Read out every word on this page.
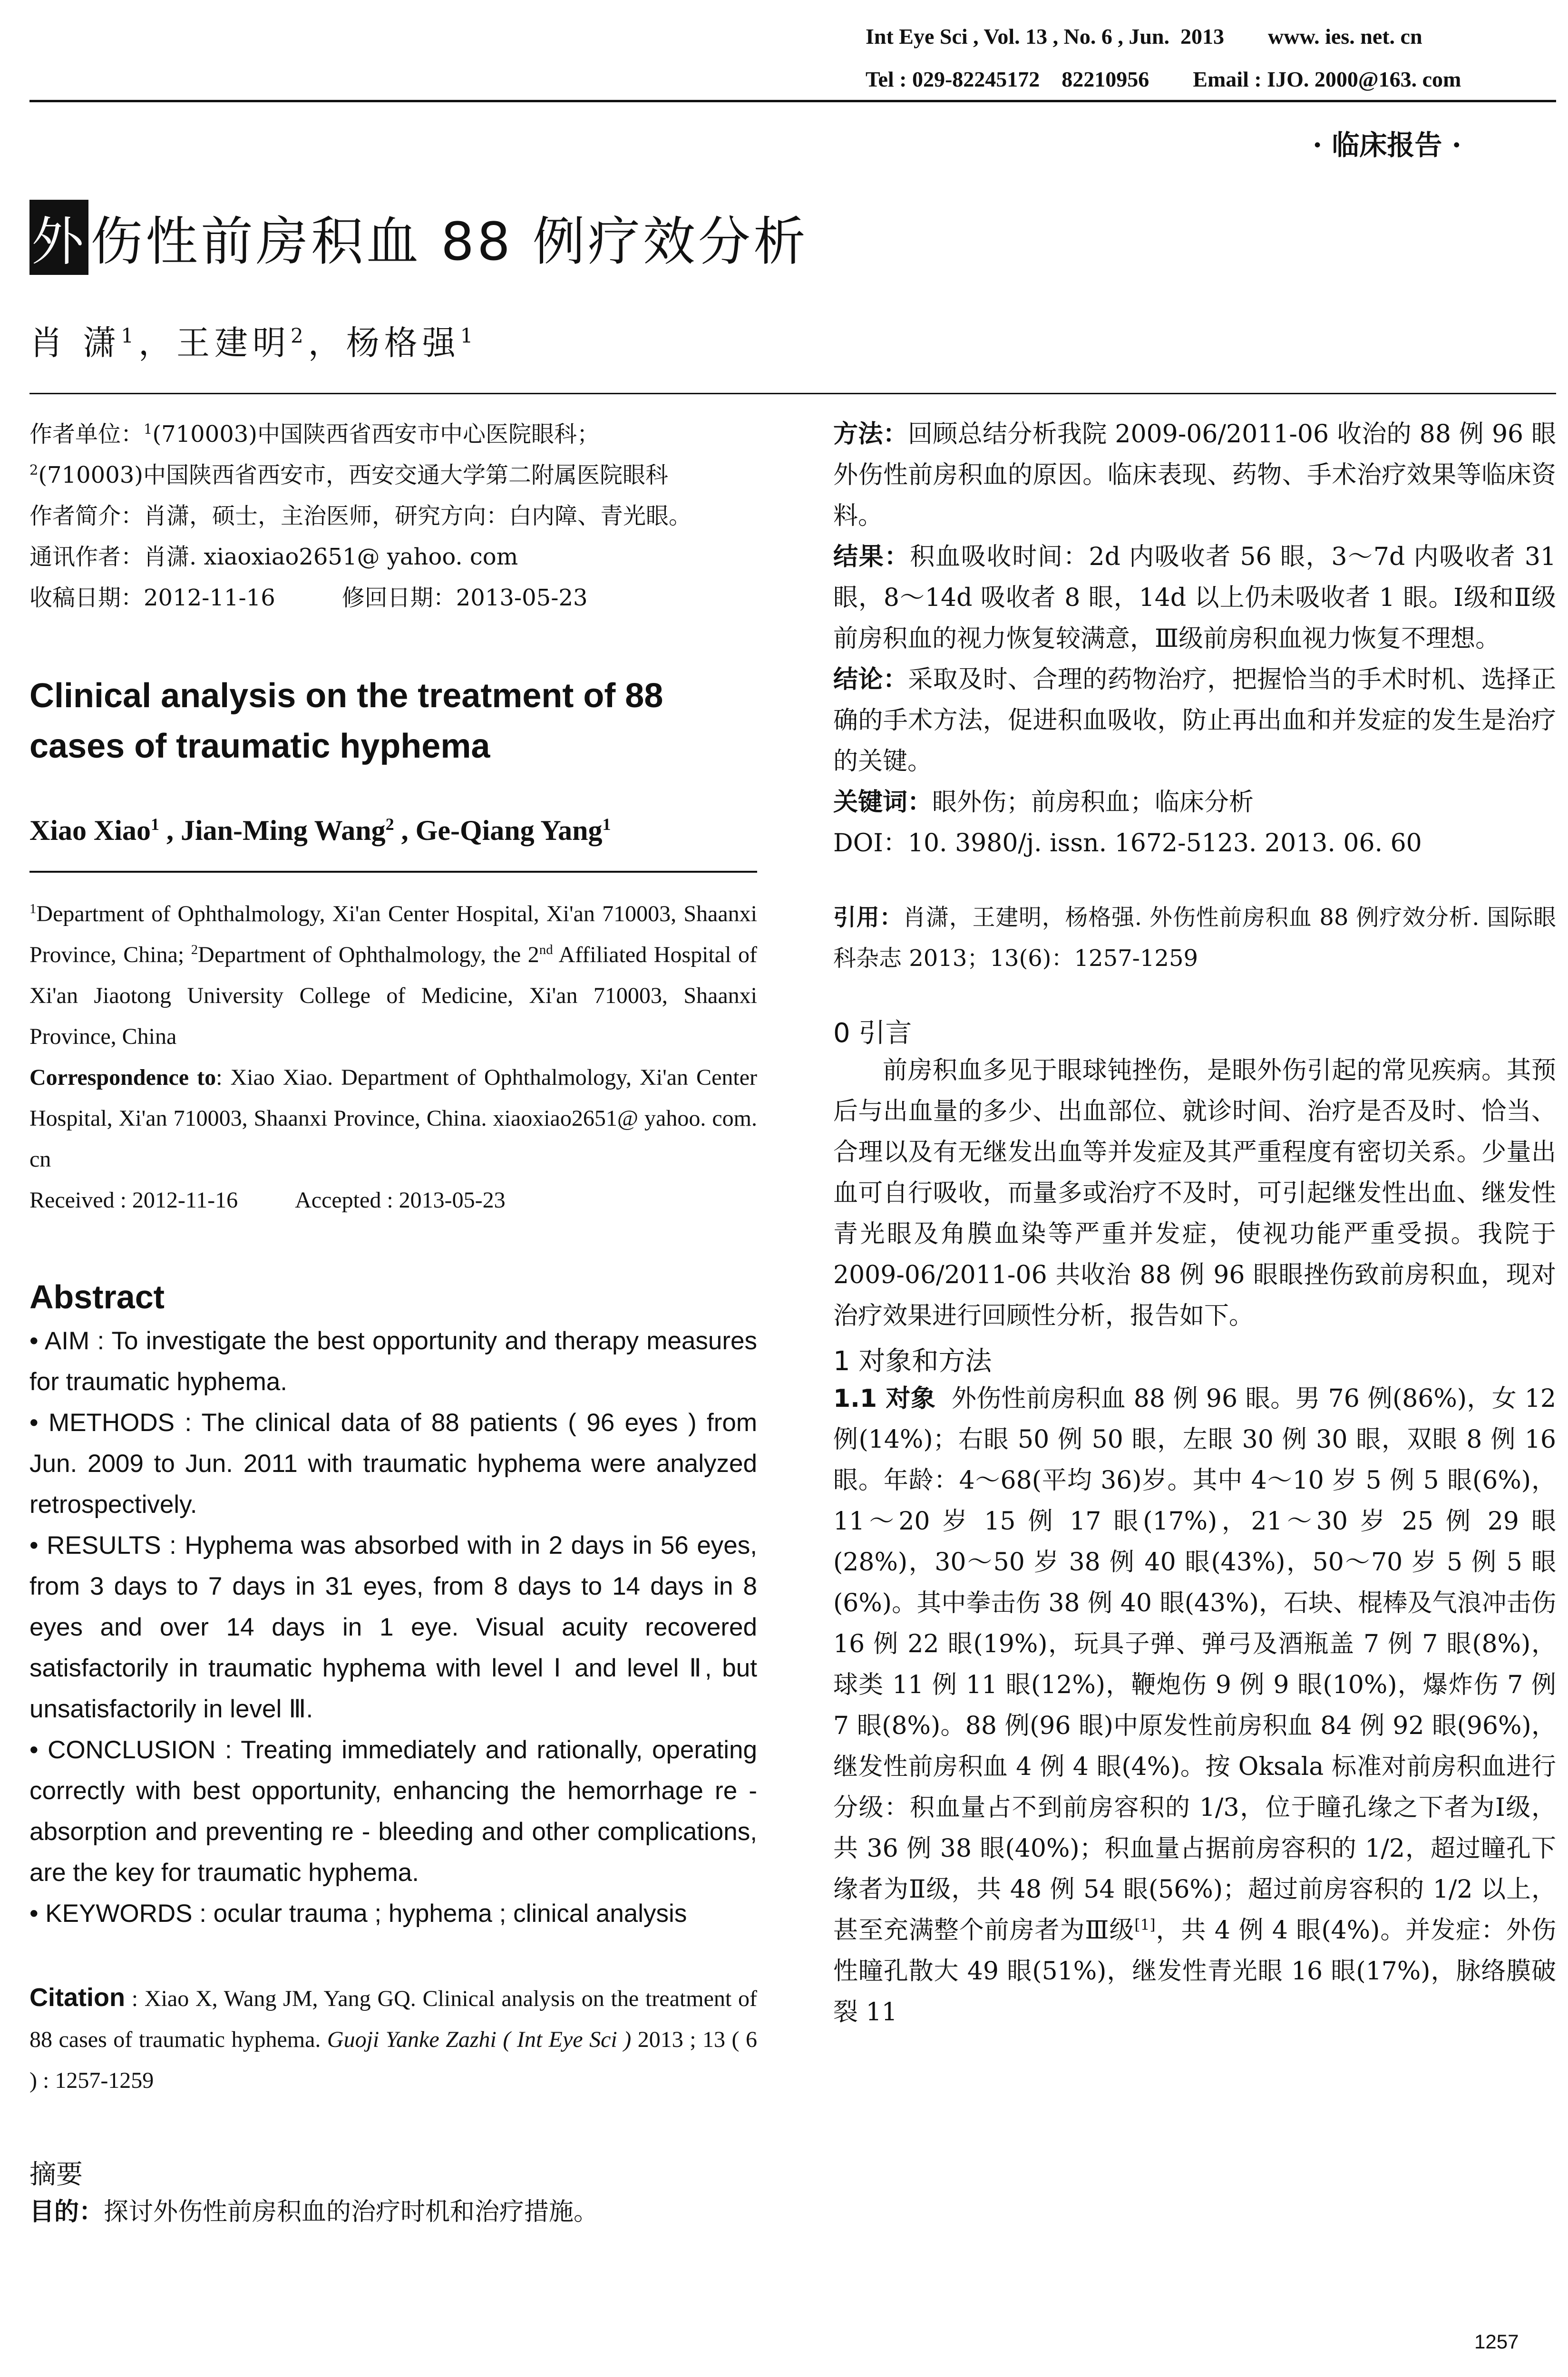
Int Eye Sci , Vol. 13 , No. 6 , Jun.  2013        www. ies. net. cn
Tel : 029-82245172    82210956        Email : IJO. 2000@163. com
· 临床报告 ·
外伤性前房积血 88 例疗效分析
肖 潇$^1$，王建明$^2$，杨格强$^1$

作者单位：$^1$(710003)中国陕西省西安市中心医院眼科；
$^2$(710003)中国陕西省西安市，西安交通大学第二附属医院眼科

作者简介：肖潇，硕士，主治医师，研究方向：白内障、青光眼。

通讯作者：肖潇. xiaoxiao2651@ yahoo. com

收稿日期：2012-11-16	修回日期：2013-05-23

Clinical analysis on the treatment of 88 cases of traumatic hyphema
Xiao Xiao$^1$ , Jian-Ming Wang$^2$ , Ge-Qiang Yang$^1$

$^1$Department of Ophthalmology, Xi'an Center Hospital, Xi'an 710003, Shaanxi Province, China; $^2$Department of Ophthalmology, the 2nd Affiliated Hospital of Xi'an Jiaotong University College of Medicine, Xi'an 710003, Shaanxi Province, China

Correspondence to: Xiao Xiao. Department of Ophthalmology, Xi'an Center Hospital, Xi'an 710003, Shaanxi Province, China. xiaoxiao2651@ yahoo. com. cn

Received : 2012-11-16	Accepted : 2013-05-23

Abstract

• AIM : To investigate the best opportunity and therapy measures for traumatic hyphema.

• METHODS : The clinical data of 88 patients ( 96 eyes ) from Jun. 2009 to Jun. 2011 with traumatic hyphema were analyzed retrospectively.

• RESULTS : Hyphema was absorbed with in 2 days in 56 eyes, from 3 days to 7 days in 31 eyes, from 8 days to 14 days in 8 eyes and over 14 days in 1 eye. Visual acuity recovered satisfactorily in traumatic hyphema with level Ⅰ and level Ⅱ, but unsatisfactorily in level Ⅲ.

• CONCLUSION : Treating immediately and rationally, operating correctly with best opportunity, enhancing the hemorrhage re - absorption and preventing re - bleeding and other complications, are the key for traumatic hyphema.

• KEYWORDS : ocular trauma ; hyphema ; clinical analysis

Citation : Xiao X, Wang JM, Yang GQ. Clinical analysis on the treatment of 88 cases of traumatic hyphema. Guoji Yanke Zazhi ( Int Eye Sci ) 2013 ; 13 ( 6 ) : 1257-1259
摘要
目的：探讨外伤性前房积血的治疗时机和治疗措施。

方法：回顾总结分析我院 2009-06/2011-06 收治的 88 例 96 眼外伤性前房积血的原因。临床表现、药物、手术治疗效果等临床资料。

结果：积血吸收时间：2d 内吸收者 56 眼，3～7d 内吸收者 31 眼，8～14d 吸收者 8 眼，14d 以上仍未吸收者 1 眼。Ⅰ级和Ⅱ级前房积血的视力恢复较满意，Ⅲ级前房积血视力恢复不理想。

结论：采取及时、合理的药物治疗，把握恰当的手术时机、选择正确的手术方法，促进积血吸收，防止再出血和并发症的发生是治疗的关键。

关键词：眼外伤；前房积血；临床分析

DOI：10. 3980/j. issn. 1672-5123. 2013. 06. 60

引用：肖潇，王建明，杨格强. 外伤性前房积血 88 例疗效分析. 国际眼科杂志 2013；13(6)：1257-1259
0 引言
前房积血多见于眼球钝挫伤，是眼外伤引起的常见疾病。其预后与出血量的多少、出血部位、就诊时间、治疗是否及时、恰当、合理以及有无继发出血等并发症及其严重程度有密切关系。少量出血可自行吸收，而量多或治疗不及时，可引起继发性出血、继发性青光眼及角膜血染等严重并发症，使视功能严重受损。我院于 2009-06/2011-06 共收治 88 例 96 眼眼挫伤致前房积血，现对治疗效果进行回顾性分析，报告如下。
1 对象和方法
1.1 对象 外伤性前房积血 88 例 96 眼。男 76 例(86%)，女 12 例(14%)；右眼 50 例 50 眼，左眼 30 例 30 眼，双眼 8 例 16 眼。年龄：4～68(平均 36)岁。其中 4～10 岁 5 例 5 眼(6%)，11～20 岁 15 例 17 眼(17%)，21～30 岁 25 例 29 眼(28%)，30～50 岁 38 例 40 眼(43%)，50～70 岁 5 例 5 眼(6%)。其中拳击伤 38 例 40 眼(43%)，石块、棍棒及气浪冲击伤 16 例 22 眼(19%)，玩具子弹、弹弓及酒瓶盖 7 例 7 眼(8%)，球类 11 例 11 眼(12%)，鞭炮伤 9 例 9 眼(10%)，爆炸伤 7 例 7 眼(8%)。88 例(96 眼)中原发性前房积血 84 例 92 眼(96%)，继发性前房积血 4 例 4 眼(4%)。按 Oksala 标准对前房积血进行分级：积血量占不到前房容积的 1/3，位于瞳孔缘之下者为Ⅰ级，共 36 例 38 眼(40%)；积血量占据前房容积的 1/2，超过瞳孔下缘者为Ⅱ级，共 48 例 54 眼(56%)；超过前房容积的 1/2 以上，甚至充满整个前房者为Ⅲ级[1]，共 4 例 4 眼(4%)。并发症：外伤性瞳孔散大 49 眼(51%)，继发性青光眼 16 眼(17%)，脉络膜破裂 11
1257
